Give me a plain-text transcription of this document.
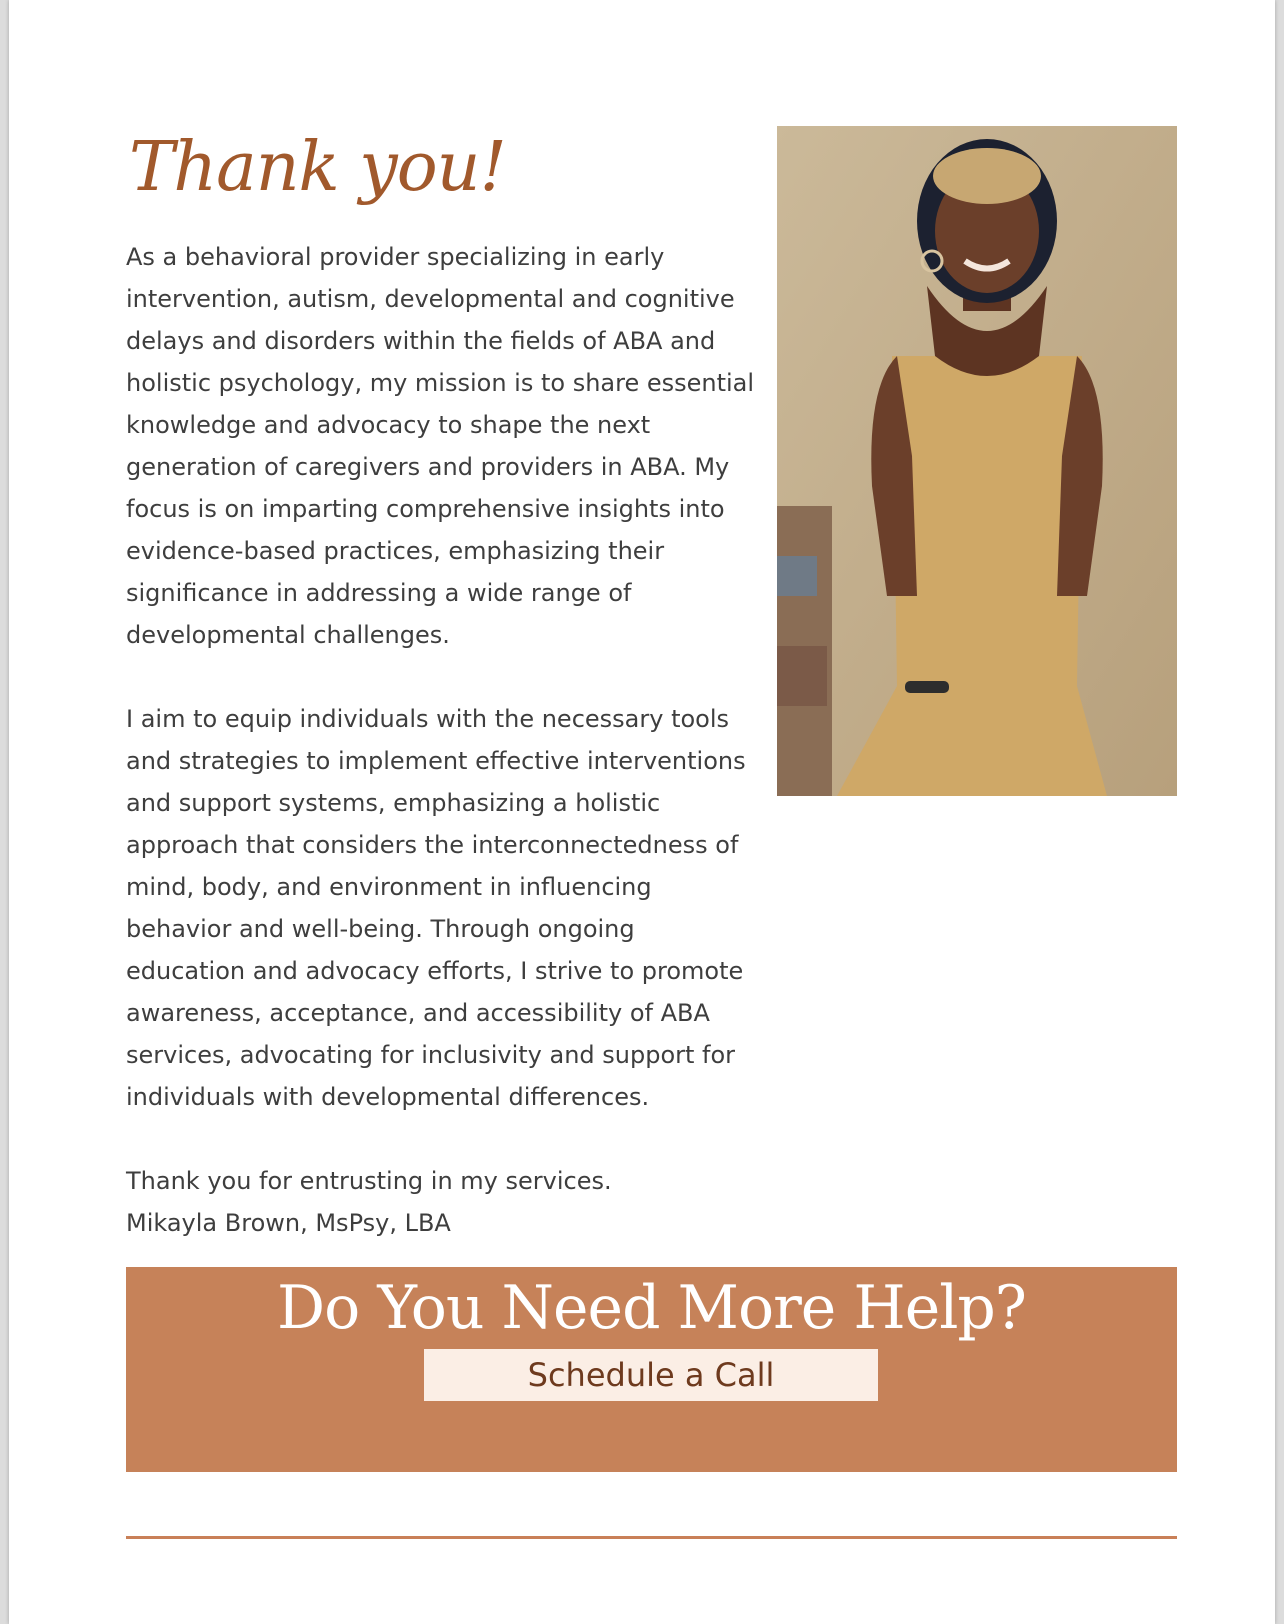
Thank you!

As a behavioral provider specializing in early intervention, autism, developmental and cognitive delays and disorders within the fields of ABA and holistic psychology, my mission is to share essential knowledge and advocacy to shape the next generation of caregivers and providers in ABA. My focus is on imparting comprehensive insights into evidence-based practices, emphasizing their significance in addressing a wide range of developmental challenges.

I aim to equip individuals with the necessary tools and strategies to implement effective interventions and support systems, emphasizing a holistic approach that considers the interconnectedness of mind, body, and environment in influencing behavior and well-being. Through ongoing education and advocacy efforts, I strive to promote awareness, acceptance, and accessibility of ABA services, advocating for inclusivity and support for individuals with developmental differences.

Thank you for entrusting in my services.

Mikayla Brown, MsPsy, LBA

Do You Need More Help?
Schedule a Call
